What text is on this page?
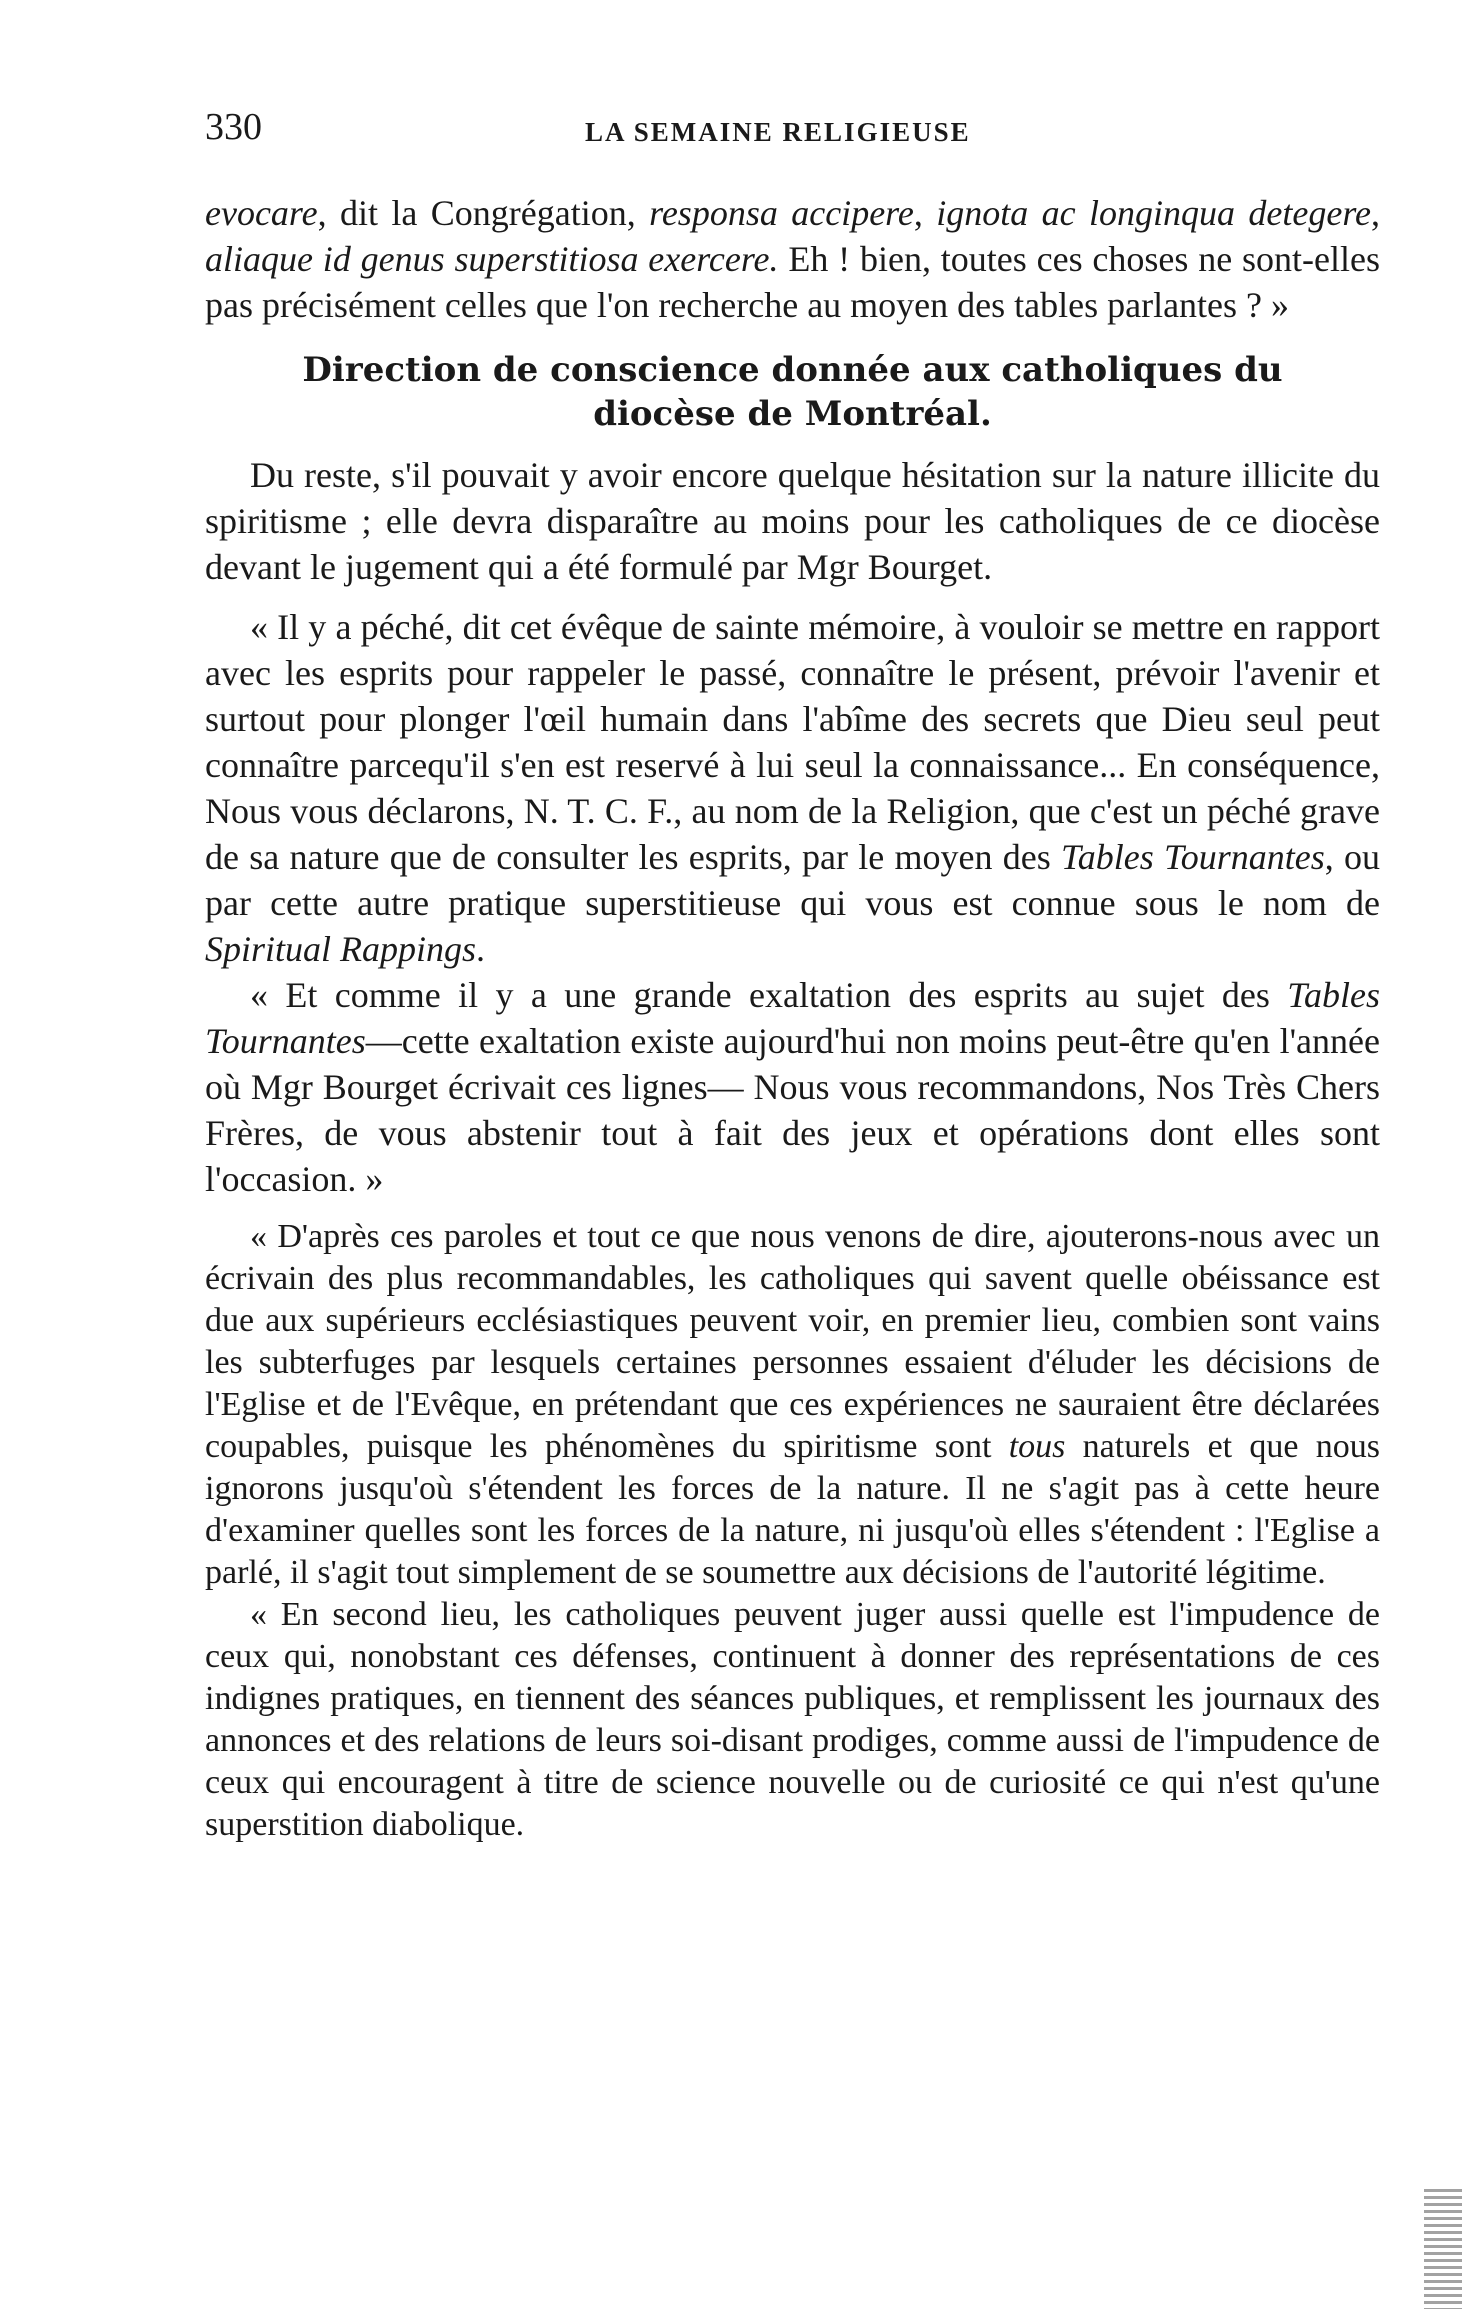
330	LA SEMAINE RELIGIEUSE

evocare, dit la Congrégation, responsa accipere, ignota ac longinqua detegere, aliaque id genus superstitiosa exercere. Eh ! bien, toutes ces choses ne sont-elles pas précisément celles que l'on recherche au moyen des tables parlantes ? »

Direction de conscience donnée aux catholiques du
diocèse de Montréal.

Du reste, s'il pouvait y avoir encore quelque hésitation sur la nature illicite du spiritisme ; elle devra disparaître au moins pour les catholiques de ce diocèse devant le jugement qui a été formulé par Mgr Bourget.

« Il y a péché, dit cet évêque de sainte mémoire, à vouloir se mettre en rapport avec les esprits pour rappeler le passé, connaître le présent, prévoir l'avenir et surtout pour plonger l'œil humain dans l'abîme des secrets que Dieu seul peut connaître parcequ'il s'en est reservé à lui seul la connaissance... En conséquence, Nous vous déclarons, N. T. C. F., au nom de la Religion, que c'est un péché grave de sa nature que de consulter les esprits, par le moyen des Tables Tournantes, ou par cette autre pratique superstitieuse qui vous est connue sous le nom de Spiritual Rappings.

« Et comme il y a une grande exaltation des esprits au sujet des Tables Tournantes—cette exaltation existe aujourd'hui non moins peut-être qu'en l'année où Mgr Bourget écrivait ces lignes— Nous vous recommandons, Nos Très Chers Frères, de vous abstenir tout à fait des jeux et opérations dont elles sont l'occasion. »

« D'après ces paroles et tout ce que nous venons de dire, ajouterons-nous avec un écrivain des plus recommandables, les catholiques qui savent quelle obéissance est due aux supérieurs ecclésiastiques peuvent voir, en premier lieu, combien sont vains les subterfuges par lesquels certaines personnes essaient d'éluder les décisions de l'Eglise et de l'Evêque, en prétendant que ces expériences ne sauraient être déclarées coupables, puisque les phénomènes du spiritisme sont tous naturels et que nous ignorons jusqu'où s'étendent les forces de la nature. Il ne s'agit pas à cette heure d'examiner quelles sont les forces de la nature, ni jusqu'où elles s'étendent : l'Eglise a parlé, il s'agit tout simplement de se soumettre aux décisions de l'autorité légitime.

« En second lieu, les catholiques peuvent juger aussi quelle est l'impudence de ceux qui, nonobstant ces défenses, continuent à donner des représentations de ces indignes pratiques, en tiennent des séances publiques, et remplissent les journaux des annonces et des relations de leurs soi-disant prodiges, comme aussi de l'impudence de ceux qui encouragent à titre de science nouvelle ou de curiosité ce qui n'est qu'une superstition diabolique.
